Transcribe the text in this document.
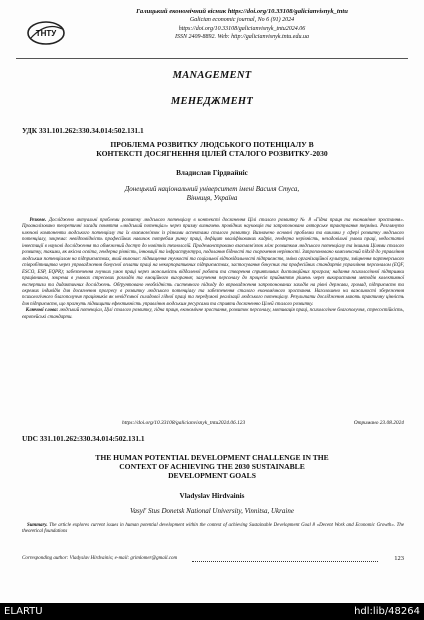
ТНТУ
Галицький економічний вісник https://doi.org/10.33108/galicianvisnyk_tntu
Galician economic journal, No 6 (91) 2024
https://doi.org/10.33108/galicianvisnyk_tntu2024.06
ISSN 2409-8892. Web: http://galicianvisnyk.tntu.edu.ua
MANAGEMENT
МЕНЕДЖМЕНТ
УДК 331.101.262:330.34.014:502.131.1
ПРОБЛЕМА РОЗВИТКУ ЛЮДСЬКОГО ПОТЕНЦІАЛУ В
КОНТЕКСТІ ДОСЯГНЕННЯ ЦІЛЕЙ СТАЛОГО РОЗВИТКУ-2030
Владислав Гірдвайніс
Донецький національний університет імені Василя Стуса,
Вінниця, Україна
Резюме. Досліджено актуальні проблеми розвитку людського потенціалу в контексті досягнення Цілі сталого розвитку № 8 «Гідна праця та економічне зростання». Проаналізовано теоретичні засади поняття «людський потенціал» через призму визначень провідних науковців та запропоновано авторське трактування терміна. Розглянуто ключові компоненти людського потенціалу та їх взаємозв'язок із різними аспектами сталого розвитку. Визначено основні проблеми та виклики у сфері розвитку людського потенціалу, зокрема: невідповідність професійних навичок потребам ринку праці, дефіцит кваліфікованих кадрів, гендерна нерівність, незадовільні умови праці, недостатні інвестиції в наукові дослідження та обмежений доступ до новітніх технологій. Продемонстровано взаємозв'язок між розвитком людського потенціалу та іншими Цілями сталого розвитку, такими, як якісна освіта, гендерна рівність, інновації та інфраструктура, подолання бідності та скорочення нерівності. Запропоновано комплексний підхід до управління людським потенціалом на підприємствах, який включає: підвищення гнучкості та соціальної відповідальності підприємств, зміна організаційної культури, зміцнення партнерського співробітництва через упровадження бонусної оплати праці на некорпоративних підприємствах, застосування бонусних та професійних стандартів управління персоналом (EQF, ESCO, ESP, EQPR); забезпечення гнучких умов праці через можливість віддаленої роботи та створення сприятливих дистанційних програм; надання психологічної підтримки працівникам, зокрема в умовах стресових розладів та емоційного вигорання; залучення персоналу до процесів прийняття рішень через використання методів колективної експертизи та дидактичних досліджень. Обґрунтовано необхідність системного підходу до впровадження запропонованих заходів на рівні держави, громад, підприємств та окремих індивідів для досягнення прогресу в розвитку людського потенціалу та забезпечення сталого економічного зростання. Наголошено на важливості збереження психологічного благополуччя працівників як невід'ємної складової гідної праці та передумові реалізації людського потенціалу. Результати дослідження мають практичну цінність для підприємств, що прагнуть підвищити ефективність управління людським ресурсами та сприяти досягненню Цілей сталого розвитку.
Ключові слова: людський потенціал, Цілі сталого розвитку, гідна праця, економічне зростання, розвиток персоналу, мотивація праці, психологічне благополуччя, стресостійкість, європейські стандарти.
https://doi.org/10.33108/galicianvisnyk_tntu2024.06.123	Отримано 23.08.2024
UDC 331.101.262:330.34.014:502.131.1
THE HUMAN POTENTIAL DEVELOPMENT CHALLENGE IN THE
CONTEXT OF ACHIEVING THE 2030 SUSTAINABLE
DEVELOPMENT GOALS
Vladyslav Hirdvainis
Vasyl' Stus Donetsk National University, Vinnitsa, Ukraine
Summary. The article explores current issues in human potential development within the context of achieving Sustainable Development Goal 8 «Decent Work and Economic Growth». The theoretical foundations
Corresponding author: Vladyslav Hirdvainis; e-mail: grimlomer@gmail.com	123
ELARTU	hdl:lib/48264
